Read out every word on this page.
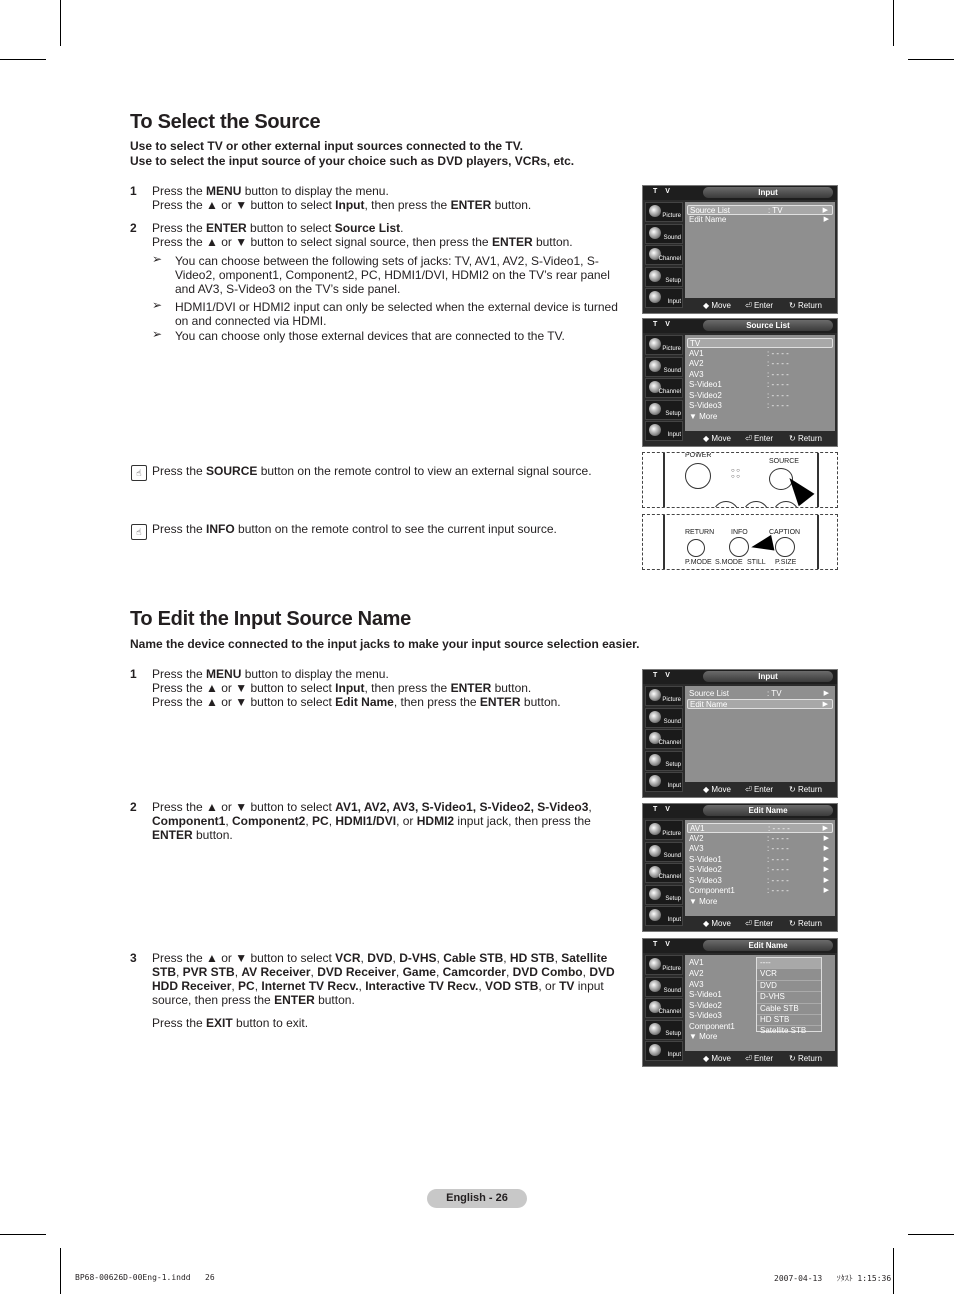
To Select the Source
Use to select TV or other external input sources connected to the TV.
Use to select the input source of your choice such as DVD players, VCRs, etc.
1 Press the MENU button to display the menu.
Press the ▲ or ▼ button to select Input, then press the ENTER button.
2 Press the ENTER button to select Source List.
Press the ▲ or ▼ button to select signal source, then press the ENTER button.
➢ You can choose between the following sets of jacks: TV, AV1, AV2, S-Video1, S-Video2, omponent1, Component2, PC, HDMI1/DVI, HDMI2 on the TV’s rear panel and AV3, S-Video3 on the TV’s side panel.
➢ HDMI1/DVI or HDMI2 input can only be selected when the external device is turned on and connected via HDMI.
➢ You can choose only those external devices that are connected to the TV.
☝ Press the SOURCE button on the remote control to view an external signal source.
☝ Press the INFO button on the remote control to see the current input source.
T V	Input
Picture
Sound
Channel
Setup
Input
Source List	: TV	▶
Edit Name	▶
◆ Move ⏎ Enter ↻ Return
T V	Source List
Picture
Sound
Channel
Setup
Input
TV
AV1	: - - - -
AV2	: - - - -
AV3	: - - - -
S-Video1	: - - - -
S-Video2	: - - - -
S-Video3	: - - - -
▼ More
◆ Move ⏎ Enter ↻ Return
POWER
○ ○
○ ○
SOURCE
RETURN INFO	CAPTION
P.MODE S.MODE STILL P.SIZE
To Edit the Input Source Name
Name the device connected to the input jacks to make your input source selection easier.
1 Press the MENU button to display the menu.
Press the ▲ or ▼ button to select Input, then press the ENTER button.
Press the ▲ or ▼ button to select Edit Name, then press the ENTER button.
2 Press the ▲ or ▼ button to select AV1, AV2, AV3, S-Video1, S-Video2, S-Video3, Component1, Component2, PC, HDMI1/DVI, or HDMI2 input jack, then press the ENTER button.
3 Press the ▲ or ▼ button to select VCR, DVD, D-VHS, Cable STB, HD STB, Satellite STB, PVR STB, AV Receiver, DVD Receiver, Game, Camcorder, DVD Combo, DVD HDD Receiver, PC, Internet TV Recv., Interactive TV Recv., VOD STB, or TV input source, then press the ENTER button.
Press the EXIT button to exit.
T V	Input
Picture
Sound
Channel
Setup
Input
Source List	: TV	▶
Edit Name	▶
◆ Move ⏎ Enter ↻ Return
T V	Edit Name
Picture
Sound
Channel
Setup
Input
AV1	: - - - -	▶
AV2	: - - - -	▶
AV3	: - - - -	▶
S-Video1	: - - - -	▶
S-Video2	: - - - -	▶
S-Video3	: - - - -	▶
Component1	: - - - -	▶
▼ More
◆ Move ⏎ Enter ↻ Return
T V	Edit Name
Picture
Sound
Channel
Setup
Input
AV1
AV2
AV3
S-Video1
S-Video2
S-Video3
Component1
▼ More
----
VCR
DVD
D-VHS
Cable STB
HD STB
Satellite STB
◆ Move ⏎ Enter ↻ Return
English - 26
BP68-00626D-00Eng-1.indd   26	2007-04-13   ｿﾀｽﾄ 1:15:36
